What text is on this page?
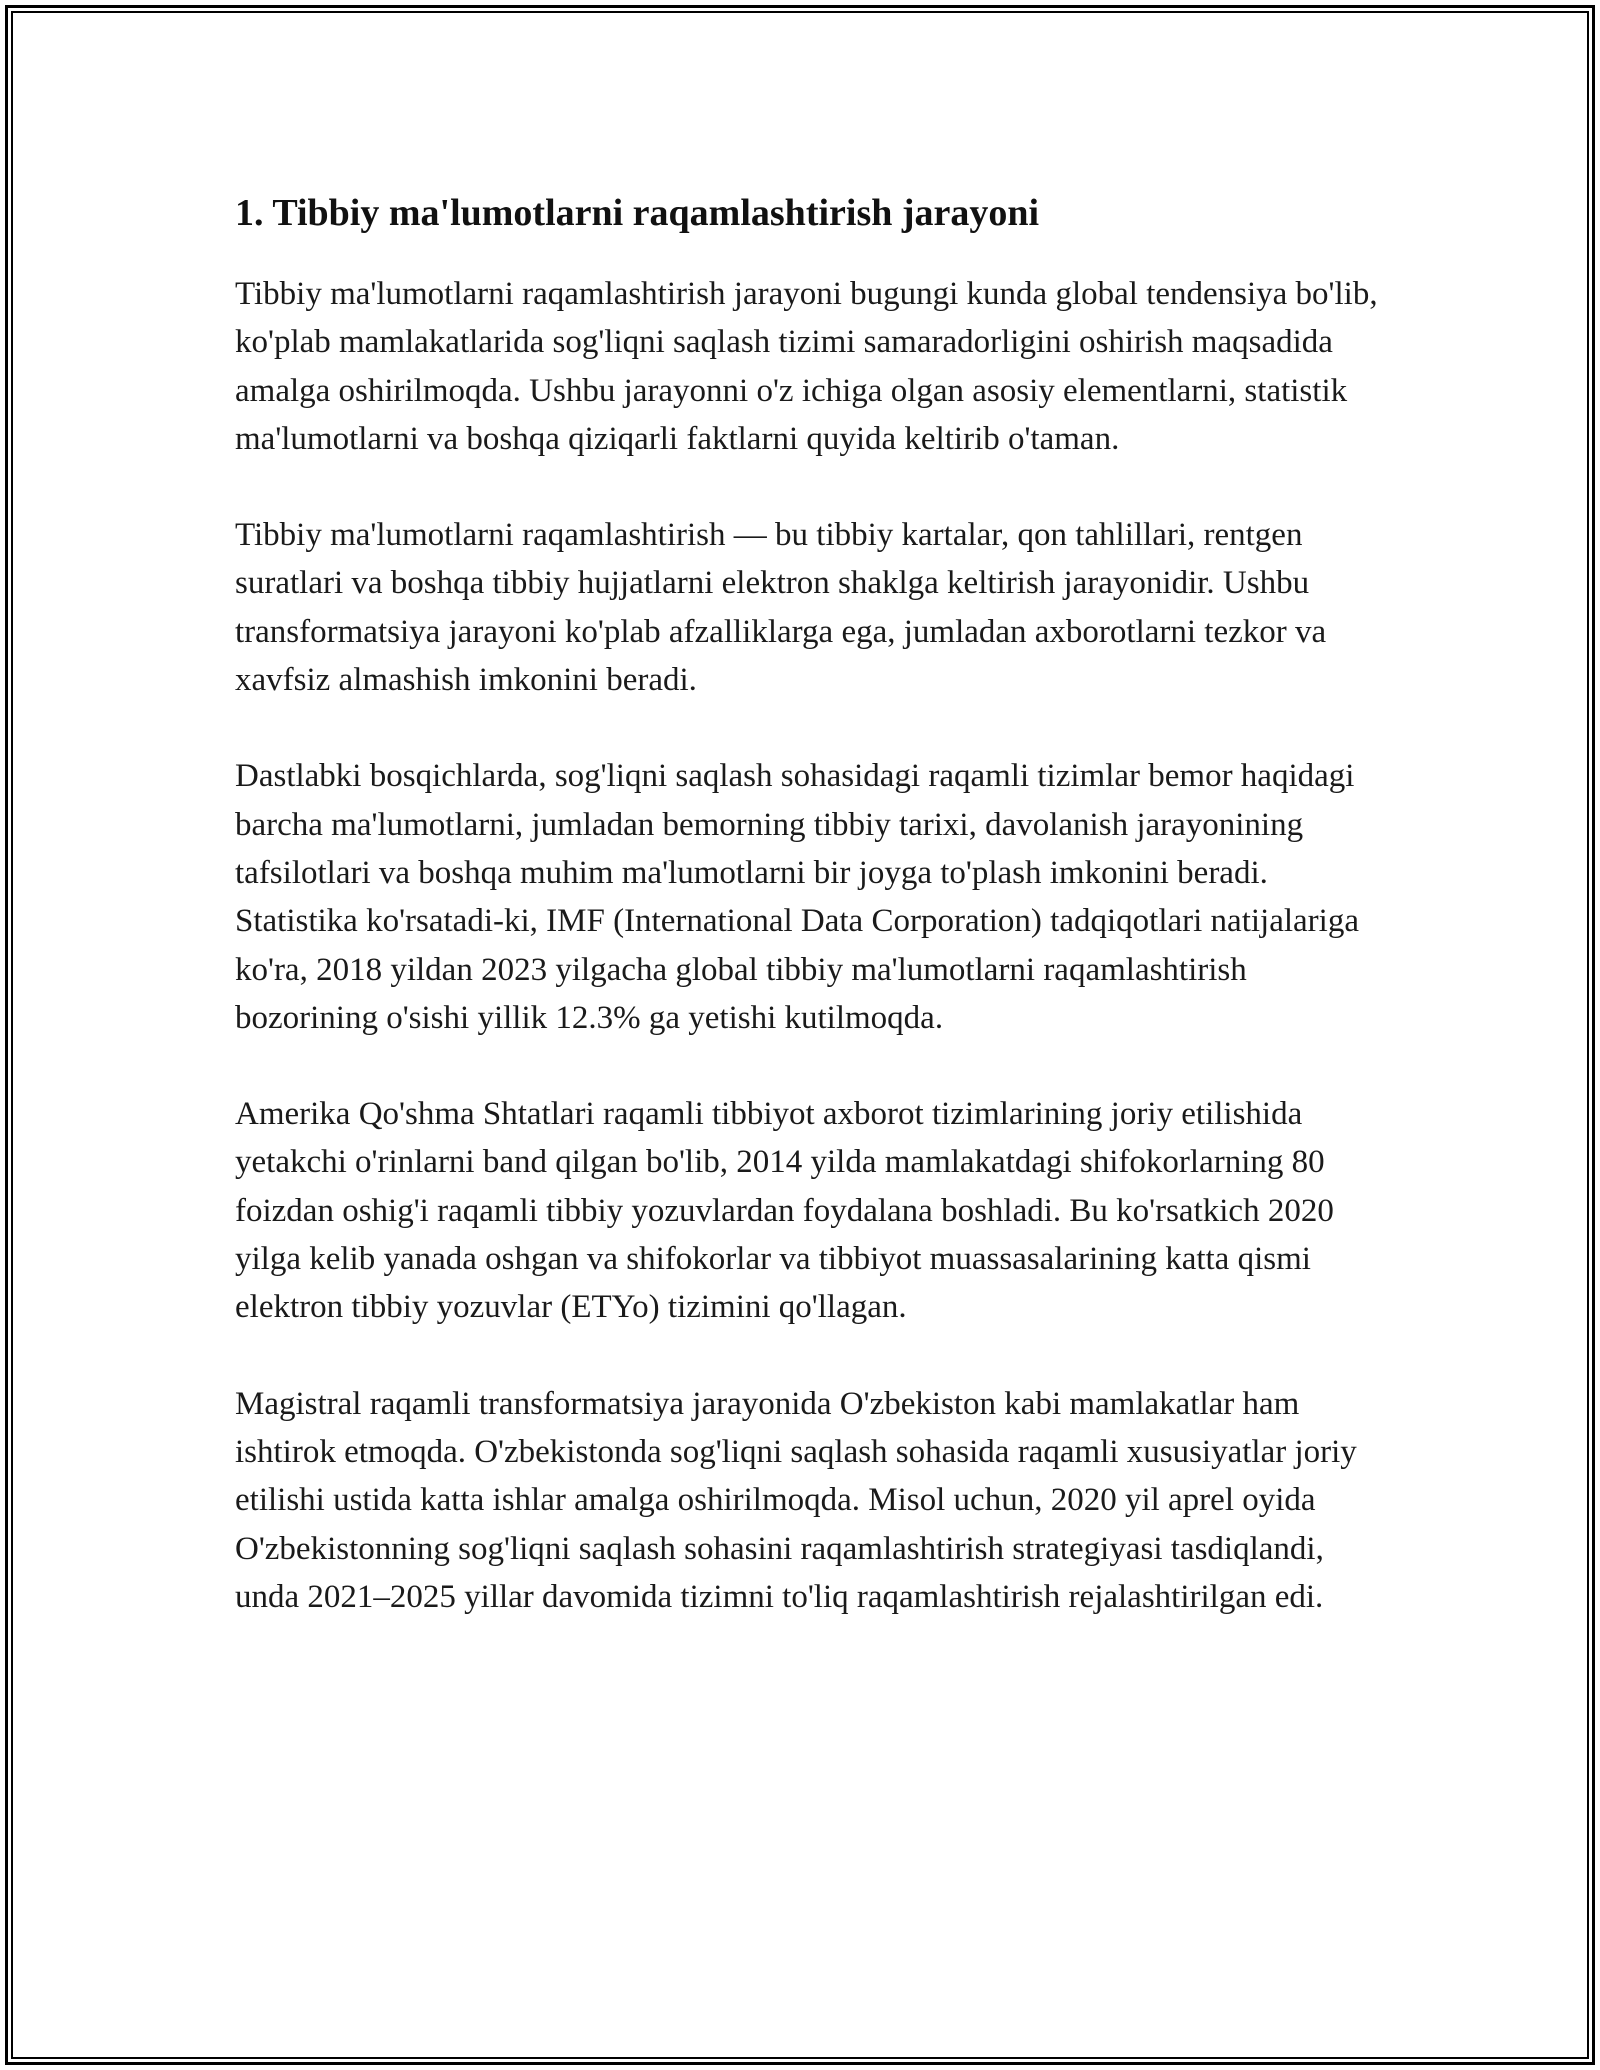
1. Tibbiy ma'lumotlarni raqamlashtirish jarayoni

Tibbiy ma'lumotlarni raqamlashtirish jarayoni bugungi kunda global tendensiya bo'lib, ko'plab mamlakatlarida sog'liqni saqlash tizimi samaradorligini oshirish maqsadida amalga oshirilmoqda. Ushbu jarayonni o'z ichiga olgan asosiy elementlarni, statistik ma'lumotlarni va boshqa qiziqarli faktlarni quyida keltirib o'taman.

Tibbiy ma'lumotlarni raqamlashtirish — bu tibbiy kartalar, qon tahlillari, rentgen suratlari va boshqa tibbiy hujjatlarni elektron shaklga keltirish jarayonidir. Ushbu transformatsiya jarayoni ko'plab afzalliklarga ega, jumladan axborotlarni tezkor va xavfsiz almashish imkonini beradi.

Dastlabki bosqichlarda, sog'liqni saqlash sohasidagi raqamli tizimlar bemor haqidagi barcha ma'lumotlarni, jumladan bemorning tibbiy tarixi, davolanish jarayonining tafsilotlari va boshqa muhim ma'lumotlarni bir joyga to'plash imkonini beradi. Statistika ko'rsatadi-ki, IMF (International Data Corporation) tadqiqotlari natijalariga ko'ra, 2018 yildan 2023 yilgacha global tibbiy ma'lumotlarni raqamlashtirish bozorining o'sishi yillik 12.3% ga yetishi kutilmoqda.

Amerika Qo'shma Shtatlari raqamli tibbiyot axborot tizimlarining joriy etilishida yetakchi o'rinlarni band qilgan bo'lib, 2014 yilda mamlakatdagi shifokorlarning 80 foizdan oshig'i raqamli tibbiy yozuvlardan foydalana boshladi. Bu ko'rsatkich 2020 yilga kelib yanada oshgan va shifokorlar va tibbiyot muassasalarining katta qismi elektron tibbiy yozuvlar (ETYo) tizimini qo'llagan.

Magistral raqamli transformatsiya jarayonida O'zbekiston kabi mamlakatlar ham ishtirok etmoqda. O'zbekistonda sog'liqni saqlash sohasida raqamli xususiyatlar joriy etilishi ustida katta ishlar amalga oshirilmoqda. Misol uchun, 2020 yil aprel oyida O'zbekistonning sog'liqni saqlash sohasini raqamlashtirish strategiyasi tasdiqlandi, unda 2021–2025 yillar davomida tizimni to'liq raqamlashtirish rejalashtirilgan edi.
